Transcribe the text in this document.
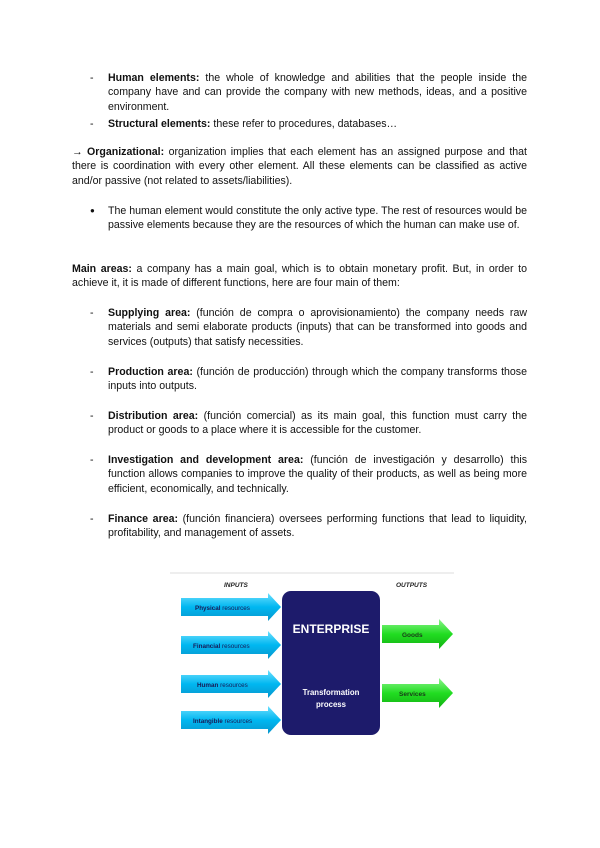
-	Human elements: the whole of knowledge and abilities that the people inside the company have and can provide the company with new methods, ideas, and a positive environment.
-	Structural elements: these refer to procedures, databases…
→ Organizational: organization implies that each element has an assigned purpose and that there is coordination with every other element. All these elements can be classified as active and/or passive (not related to assets/liabilities).
●	The human element would constitute the only active type. The rest of resources would be passive elements because they are the resources of which the human can make use of.
Main areas: a company has a main goal, which is to obtain monetary profit. But, in order to achieve it, it is made of different functions, here are four main of them:
-	Supplying area: (función de compra o aprovisionamiento) the company needs raw materials and semi elaborate products (inputs) that can be transformed into goods and services (outputs) that satisfy necessities.
-	Production area: (función de producción) through which the company transforms those inputs into outputs.
-	Distribution area: (función comercial) as its main goal, this function must carry the product or goods to a place where it is accessible for the customer.
-	Investigation and development area: (función de investigación y desarrollo) this function allows companies to improve the quality of their products, as well as being more efficient, economically, and technically.
-	Finance area: (función financiera) oversees performing functions that lead to liquidity, profitability, and management of assets.
INPUTS	OUTPUTS
Physical resources
Financial resources
Human resources
Intangible resources
ENTERPRISE
Transformation
process
Goods
Services
